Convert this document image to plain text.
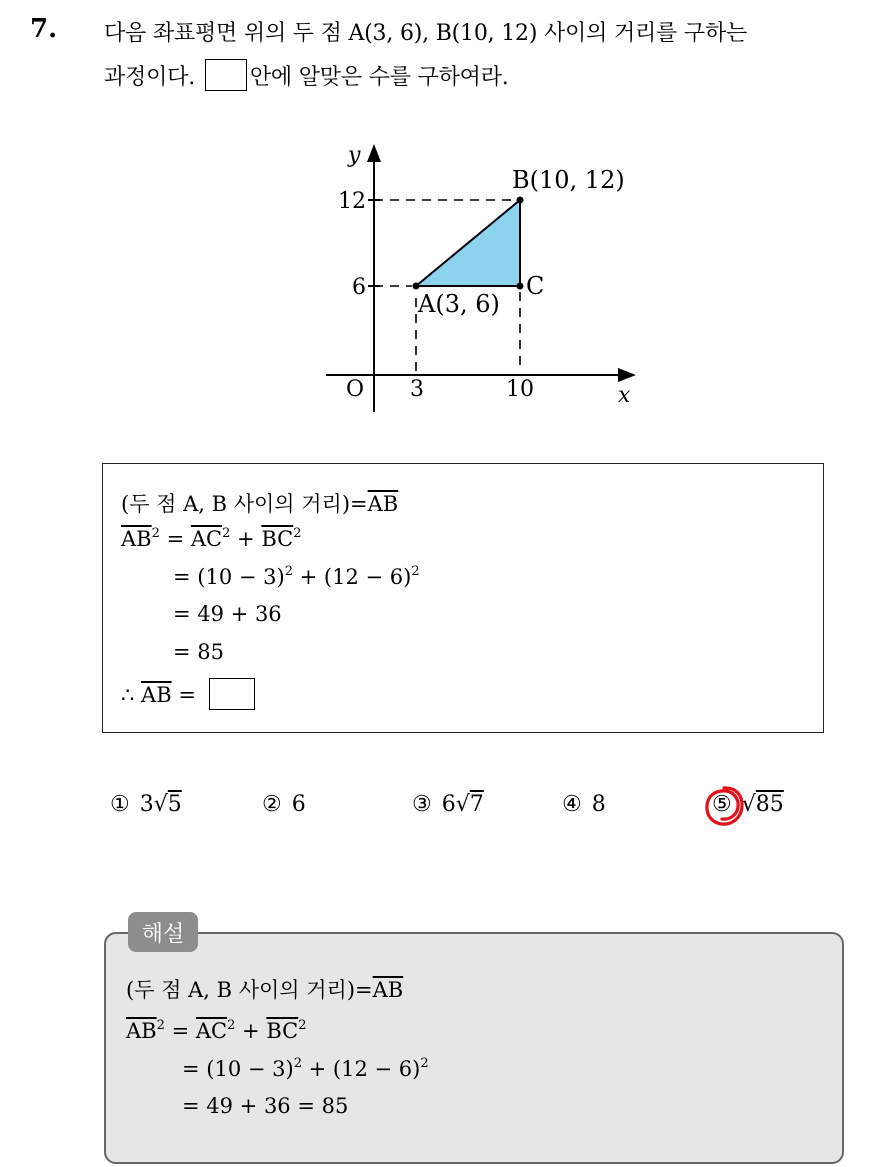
7. 다음 좌표평면 위의 두 점 A(3, 6), B(10, 12) 사이의 거리를 구하는
과정이다. 안에 알맞은 수를 구하여라.
y
x
O
12
6
3	10
B(10, 12)
A(3, 6)
C
(두 점 A, B 사이의 거리)$=\overline{AB}$
$\overline{AB}^2 = \overline{AC}^2 + \overline{BC}^2$
= $(10 - 3)^2 + (12 - 6)^2$
= 49 + 36
= 85
∴ $\overline{AB}$ =
① 3√5	② 6	③ 6√7	④ 8	⑤ √85
해설
(두 점 A, B 사이의 거리)$=\overline{AB}$
$\overline{AB}^2 = \overline{AC}^2 + \overline{BC}^2$
= $(10 - 3)^2 + (12 - 6)^2$
= 49 + 36 = 85
